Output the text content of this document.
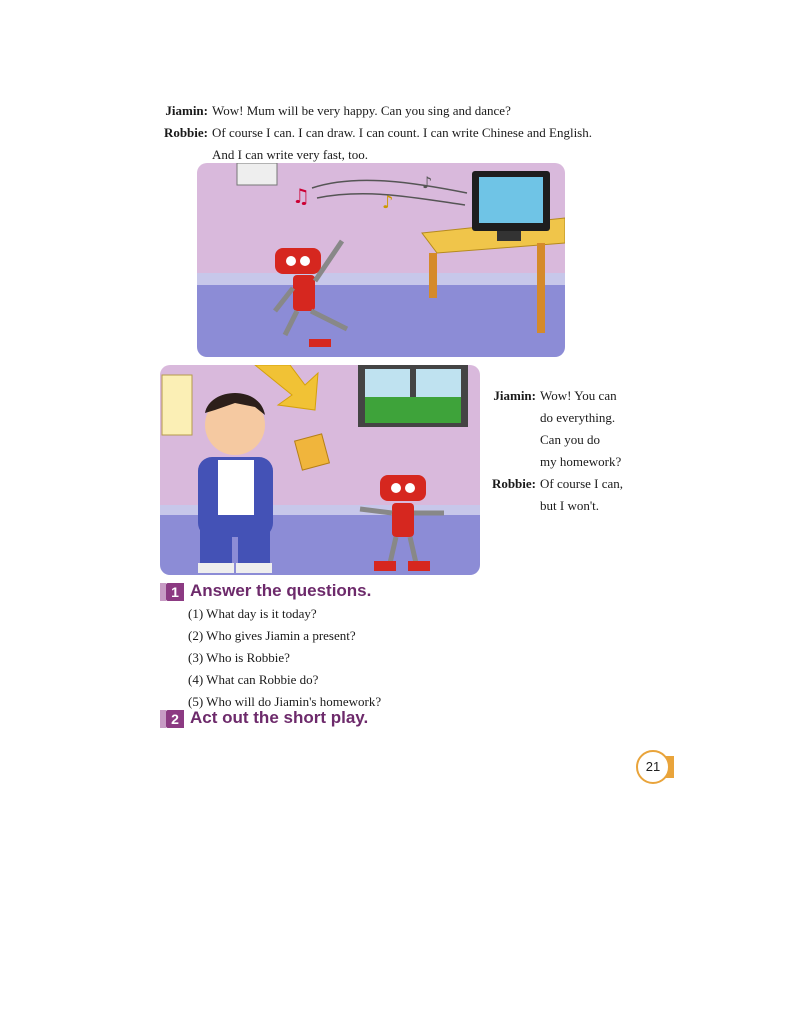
Jiamin: Wow! Mum will be very happy. Can you sing and dance?
Robbie: Of course I can. I can draw. I can count. I can write Chinese and English.
And I can write very fast, too.
♫	♪
♪
Jiamin: Wow! You can
do everything.
Can you do
my homework?
Robbie: Of course I can,
but I won't.
1 Answer the questions.
(1) What day is it today?
(2) Who gives Jiamin a present?
(3) Who is Robbie?
(4) What can Robbie do?
(5) Who will do Jiamin's homework?
2 Act out the short play.
21
